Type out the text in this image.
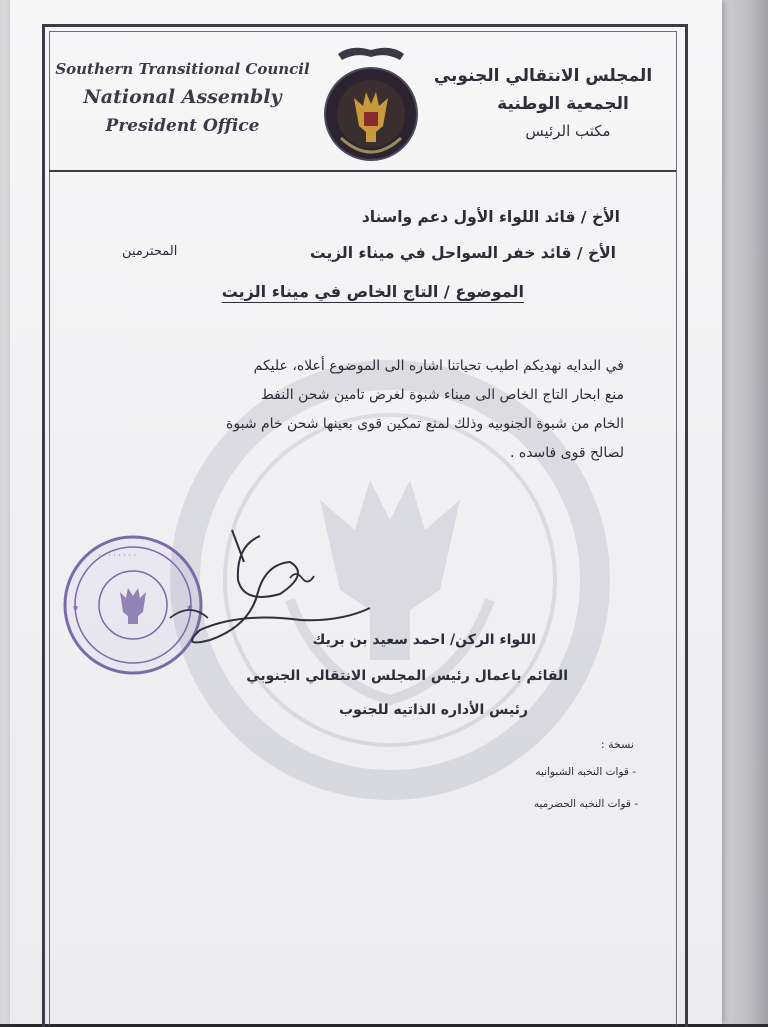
Southern Transitional Council
National Assembly
President Office
المجلس الانتقالي الجنوبي
الجمعية الوطنية
مكتب الرئيس
الأخ / قائد اللواء الأول دعم واسناد
الأخ / قائد خفر السواحل في ميناء الزيت
المحترمين
الموضوع / التاج الخاص في ميناء الزيت
في البدايه نهديكم اطيب تحياتنا اشاره الى الموضوع أعلاه، عليكم
منع ابحار التاج الخاص الى ميناء شبوة لغرض تامين شحن النفط
الخام من شبوة الجنوبيه وذلك لمنع تمكين قوى بعينها شحن خام شبوة
لصالح قوى فاسده .
· · · · · · · ·
★	★
اللواء الركن/ احمد سعيد بن بريك
القائم باعمال رئيس المجلس الانتقالي الجنوبي
رئيس الأداره الذاتيه للجنوب
نسخة :
- قوات النخبه الشبوانيه
- قوات النخبه الحضرميه
